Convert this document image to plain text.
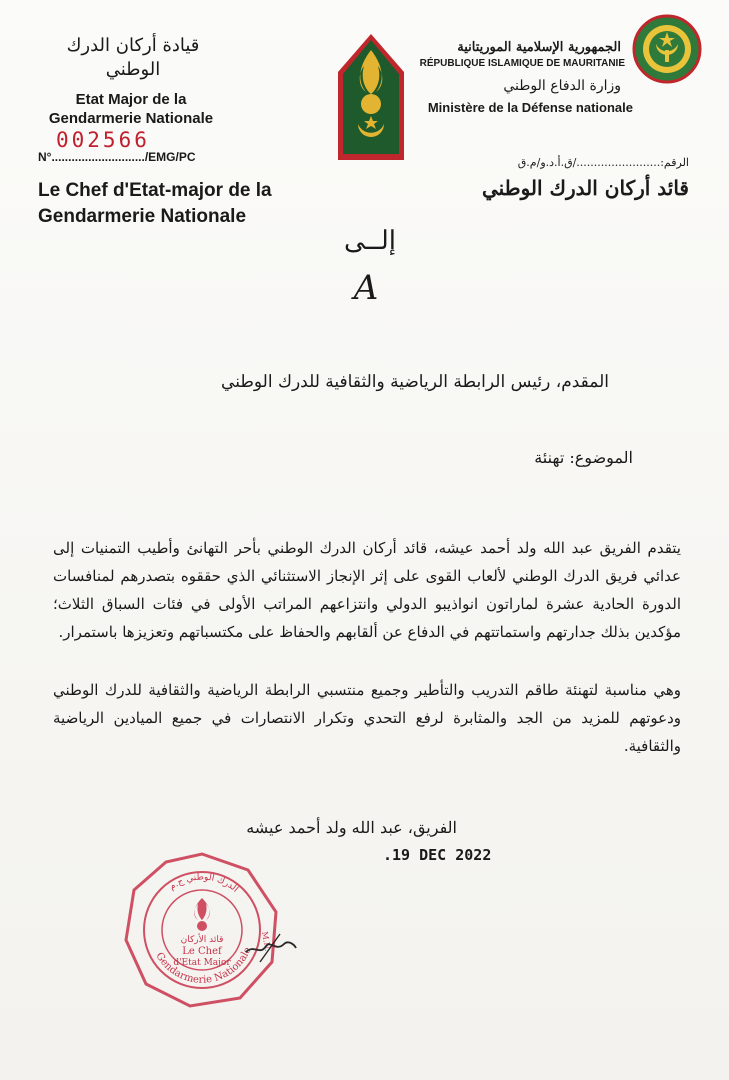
قيادة أركان الدرك الوطني
Etat Major de la Gendarmerie Nationale
002566
N°............................/EMG/PC
Le Chef d'Etat-major de la Gendarmerie Nationale
الجمهورية الإسلامية الموريتانية
RÉPUBLIQUE ISLAMIQUE DE MAURITANIE
وزارة الدفاع الوطني
Ministère de la Défense nationale
الرقم:......................../ق.أ.د.و/م.ق
قائد أركان الدرك الوطني
إلــى
A
المقدم، رئيس الرابطة الرياضية والثقافية للدرك الوطني
الموضوع: تهنئة
يتقدم الفريق عبد الله ولد أحمد عيشه، قائد أركان الدرك الوطني بأحر التهانئ وأطيب التمنيات إلى عدائي فريق الدرك الوطني لألعاب القوى على إثر الإنجاز الاستثنائي الذي حققوه بتصدرهم لمنافسات الدورة الحادية عشرة لماراتون انواذيبو الدولي وانتزاعهم المراتب الأولى في فئات السباق الثلاث؛ مؤكدين بذلك جدارتهم واستماتتهم في الدفاع عن ألقابهم والحفاظ على مكتسباتهم وتعزيزها باستمرار.
وهي مناسبة لتهنئة طاقم التدريب والتأطير وجميع منتسبي الرابطة الرياضية والثقافية للدرك الوطني ودعوتهم للمزيد من الجد والمثابرة لرفع التحدي وتكرار الانتصارات في جميع الميادين الرياضية والثقافية.
الفريق، عبد الله ولد أحمد عيشه
.19 DEC 2022
قائد الأركان
Le Chef
d'Etat Major
Gendarmerie Nationale
الدرك الوطني ج.م
M.N.
